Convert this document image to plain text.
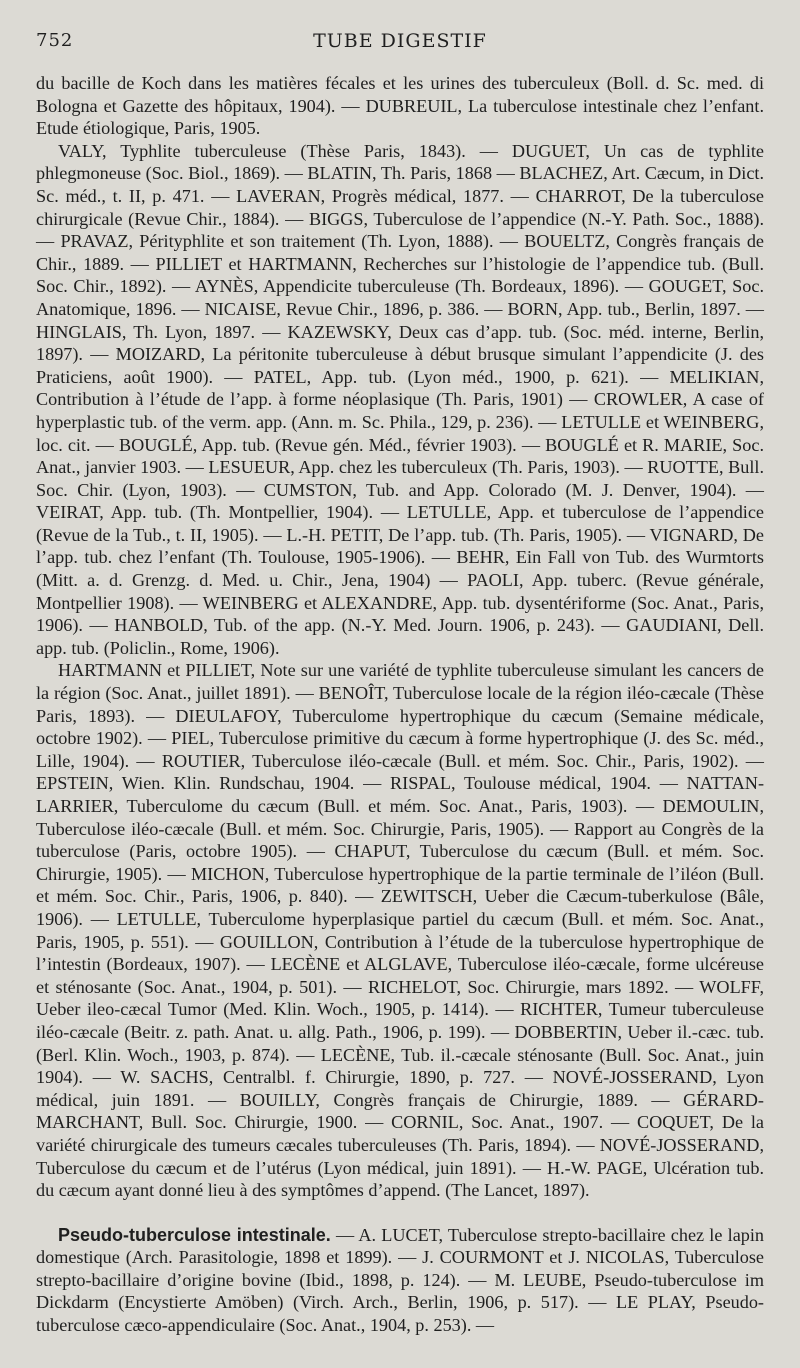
752	TUBE DIGESTIF

du bacille de Koch dans les matières fécales et les urines des tuberculeux (Boll. d. Sc. med. di Bologna et Gazette des hôpitaux, 1904). — DUBREUIL, La tuberculose intestinale chez l’enfant. Etude étiologique, Paris, 1905.

VALY, Typhlite tuberculeuse (Thèse Paris, 1843). — DUGUET, Un cas de typhlite phlegmoneuse (Soc. Biol., 1869). — BLATIN, Th. Paris, 1868 — BLACHEZ, Art. Cæcum, in Dict. Sc. méd., t. II, p. 471. — LAVERAN, Progrès médical, 1877. — CHARROT, De la tuberculose chirurgicale (Revue Chir., 1884). — BIGGS, Tuberculose de l’appendice (N.-Y. Path. Soc., 1888). — PRAVAZ, Pérityphlite et son traitement (Th. Lyon, 1888). — BOUELTZ, Congrès français de Chir., 1889. — PILLIET et HARTMANN, Recherches sur l’histologie de l’appendice tub. (Bull. Soc. Chir., 1892). — AYNÈS, Appendicite tuberculeuse (Th. Bordeaux, 1896). — GOUGET, Soc. Anatomique, 1896. — NICAISE, Revue Chir., 1896, p. 386. — BORN, App. tub., Berlin, 1897. — HINGLAIS, Th. Lyon, 1897. — KAZEWSKY, Deux cas d’app. tub. (Soc. méd. interne, Berlin, 1897). — MOIZARD, La péritonite tuberculeuse à début brusque simulant l’appendicite (J. des Praticiens, août 1900). — PATEL, App. tub. (Lyon méd., 1900, p. 621). — MELIKIAN, Contribution à l’étude de l’app. à forme néoplasique (Th. Paris, 1901) — CROWLER, A case of hyperplastic tub. of the verm. app. (Ann. m. Sc. Phila., 129, p. 236). — LETULLE et WEINBERG, loc. cit. — BOUGLÉ, App. tub. (Revue gén. Méd., février 1903). — BOUGLÉ et R. MARIE, Soc. Anat., janvier 1903. — LESUEUR, App. chez les tuberculeux (Th. Paris, 1903). — RUOTTE, Bull. Soc. Chir. (Lyon, 1903). — CUMSTON, Tub. and App. Colorado (M. J. Denver, 1904). — VEIRAT, App. tub. (Th. Montpellier, 1904). — LETULLE, App. et tuberculose de l’appendice (Revue de la Tub., t. II, 1905). — L.-H. PETIT, De l’app. tub. (Th. Paris, 1905). — VIGNARD, De l’app. tub. chez l’enfant (Th. Toulouse, 1905-1906). — BEHR, Ein Fall von Tub. des Wurmtorts (Mitt. a. d. Grenzg. d. Med. u. Chir., Jena, 1904) — PAOLI, App. tuberc. (Revue générale, Montpellier 1908). — WEINBERG et ALEXANDRE, App. tub. dysentériforme (Soc. Anat., Paris, 1906). — HANBOLD, Tub. of the app. (N.-Y. Med. Journ. 1906, p. 243). — GAUDIANI, Dell. app. tub. (Policlin., Rome, 1906).

HARTMANN et PILLIET, Note sur une variété de typhlite tuberculeuse simulant les cancers de la région (Soc. Anat., juillet 1891). — BENOÎT, Tuberculose locale de la région iléo-cæcale (Thèse Paris, 1893). — DIEULAFOY, Tuberculome hypertrophique du cæcum (Semaine médicale, octobre 1902). — PIEL, Tuberculose primitive du cæcum à forme hypertrophique (J. des Sc. méd., Lille, 1904). — ROUTIER, Tuberculose iléo-cæcale (Bull. et mém. Soc. Chir., Paris, 1902). — EPSTEIN, Wien. Klin. Rundschau, 1904. — RISPAL, Toulouse médical, 1904. — NATTAN-LARRIER, Tuberculome du cæcum (Bull. et mém. Soc. Anat., Paris, 1903). — DEMOULIN, Tuberculose iléo-cæcale (Bull. et mém. Soc. Chirurgie, Paris, 1905). — Rapport au Congrès de la tuberculose (Paris, octobre 1905). — CHAPUT, Tuberculose du cæcum (Bull. et mém. Soc. Chirurgie, 1905). — MICHON, Tuberculose hypertrophique de la partie terminale de l’iléon (Bull. et mém. Soc. Chir., Paris, 1906, p. 840). — ZEWITSCH, Ueber die Cæcum-tuberkulose (Bâle, 1906). — LETULLE, Tuberculome hyperplasique partiel du cæcum (Bull. et mém. Soc. Anat., Paris, 1905, p. 551). — GOUILLON, Contribution à l’étude de la tuberculose hypertrophique de l’intestin (Bordeaux, 1907). — LECÈNE et ALGLAVE, Tuberculose iléo-cæcale, forme ulcéreuse et sténosante (Soc. Anat., 1904, p. 501). — RICHELOT, Soc. Chirurgie, mars 1892. — WOLFF, Ueber ileo-cæcal Tumor (Med. Klin. Woch., 1905, p. 1414). — RICHTER, Tumeur tuberculeuse iléo-cæcale (Beitr. z. path. Anat. u. allg. Path., 1906, p. 199). — DOBBERTIN, Ueber il.-cæc. tub. (Berl. Klin. Woch., 1903, p. 874). — LECÈNE, Tub. il.-cæcale sténosante (Bull. Soc. Anat., juin 1904). — W. SACHS, Centralbl. f. Chirurgie, 1890, p. 727. — NOVÉ-JOSSERAND, Lyon médical, juin 1891. — BOUILLY, Congrès français de Chirurgie, 1889. — GÉRARD-MARCHANT, Bull. Soc. Chirurgie, 1900. — CORNIL, Soc. Anat., 1907. — COQUET, De la variété chirurgicale des tumeurs cæcales tuberculeuses (Th. Paris, 1894). — NOVÉ-JOSSERAND, Tuberculose du cæcum et de l’utérus (Lyon médical, juin 1891). — H.-W. PAGE, Ulcération tub. du cæcum ayant donné lieu à des symptômes d’append. (The Lancet, 1897).

Pseudo-tuberculose intestinale. — A. LUCET, Tuberculose strepto-bacillaire chez le lapin domestique (Arch. Parasitologie, 1898 et 1899). — J. COURMONT et J. NICOLAS, Tuberculose strepto-bacillaire d’origine bovine (Ibid., 1898, p. 124). — M. LEUBE, Pseudo-tuberculose im Dickdarm (Encystierte Amöben) (Virch. Arch., Berlin, 1906, p. 517). — LE PLAY, Pseudo-tuberculose cæco-appendiculaire (Soc. Anat., 1904, p. 253). —
